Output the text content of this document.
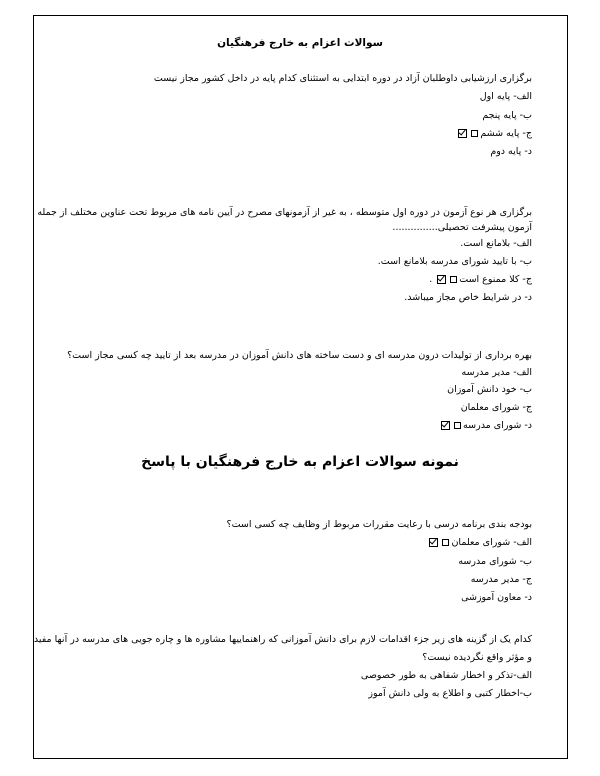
سوالات اعزام به خارج فرهنگیان
برگزاری ارزشیابی داوطلبان آزاد در دوره ابتدایی به استثنای کدام پایه در داخل کشور مجاز نیست
الف- پایه اول
ب- پایه پنجم
ج- پایه ششم
د- پایه دوم
برگزاری هر نوع آزمون در دوره اول متوسطه ، به غیر از آزمونهای مصرح در آیین نامه های مربوط تحت عناوین مختلف از جمله
آزمون پیشرفت تحصیلی...............
الف- بلامانع است.
ب- با تایید شورای مدرسه بلامانع است.
ج- کلا ممنوع است .
د- در شرایط خاص مجاز میباشد.
بهره برداری از تولیدات درون مدرسه ای و دست ساخته های دانش آموزان در مدرسه بعد از تایید چه کسی مجاز است؟
الف- مدیر مدرسه
ب- خود دانش آموزان
ج- شورای معلمان
د- شورای مدرسه
نمونه سوالات اعزام به خارج فرهنگیان با پاسخ
بودجه بندی برنامه درسی با رعایت مقررات مربوط از وظایف چه کسی است؟
الف- شورای معلمان
ب- شورای مدرسه
ج- مدیر مدرسه
د- معاون آموزشی
کدام یک از گزینه های زیر جزء اقدامات لازم برای دانش آموزانی که راهنماییها مشاوره ها و چاره جویی های مدرسه در آنها مفید
و مؤثر واقع نگردیده نیست؟
الف-تذکر و اخطار شفاهی به طور خصوصی
ب-اخطار کتبی و اطلاع به ولی دانش آموز
